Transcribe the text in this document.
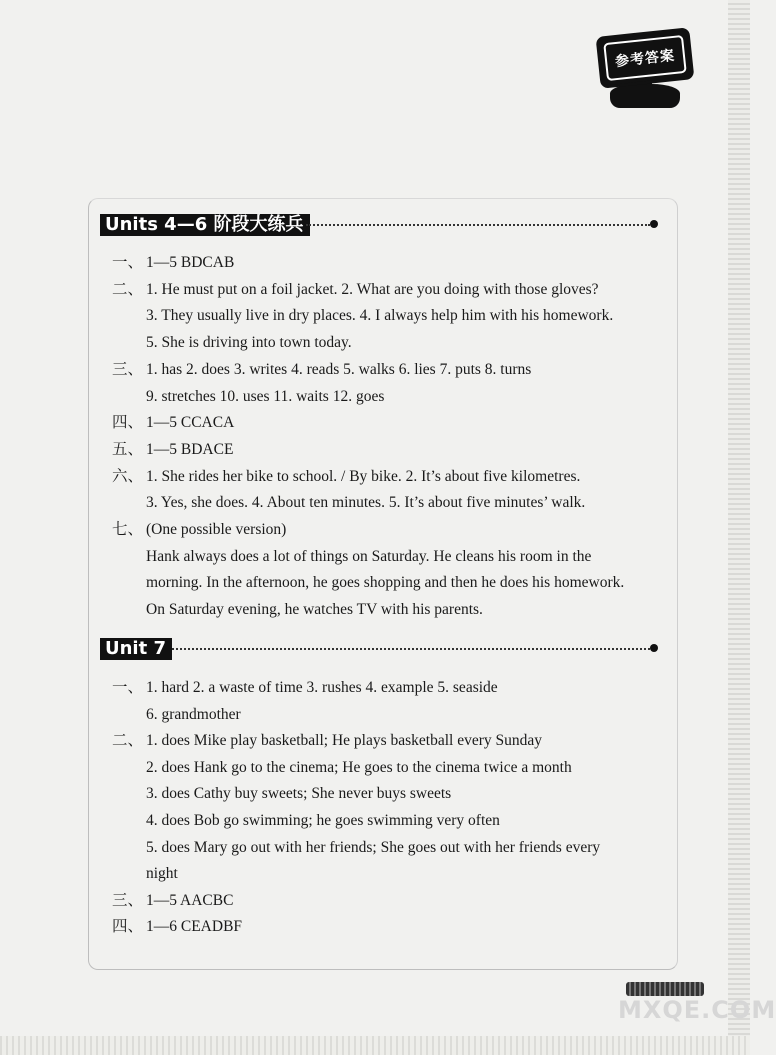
参考答案
Units 4—6 阶段大练兵
一、 1—5 BDCAB
二、 1. He must put on a foil jacket. 2. What are you doing with those gloves?
3. They usually live in dry places. 4. I always help him with his homework.
5. She is driving into town today.
三、 1. has 2. does 3. writes 4. reads 5. walks 6. lies 7. puts 8. turns
9. stretches 10. uses 11. waits 12. goes
四、 1—5 CCACA
五、 1—5 BDACE
六、 1. She rides her bike to school. / By bike. 2. It’s about five kilometres.
3. Yes, she does. 4. About ten minutes. 5. It’s about five minutes’ walk.
七、 (One possible version)
Hank always does a lot of things on Saturday. He cleans his room in the
morning. In the afternoon, he goes shopping and then he does his homework.
On Saturday evening, he watches TV with his parents.
Unit 7
一、 1. hard 2. a waste of time 3. rushes 4. example 5. seaside
6. grandmother
二、 1. does Mike play basketball; He plays basketball every Sunday
2. does Hank go to the cinema; He goes to the cinema twice a month
3. does Cathy buy sweets; She never buys sweets
4. does Bob go swimming; he goes swimming very often
5. does Mary go out with her friends; She goes out with her friends every
night
三、 1—5 AACBC
四、 1—6 CEADBF
MXQE.COM
